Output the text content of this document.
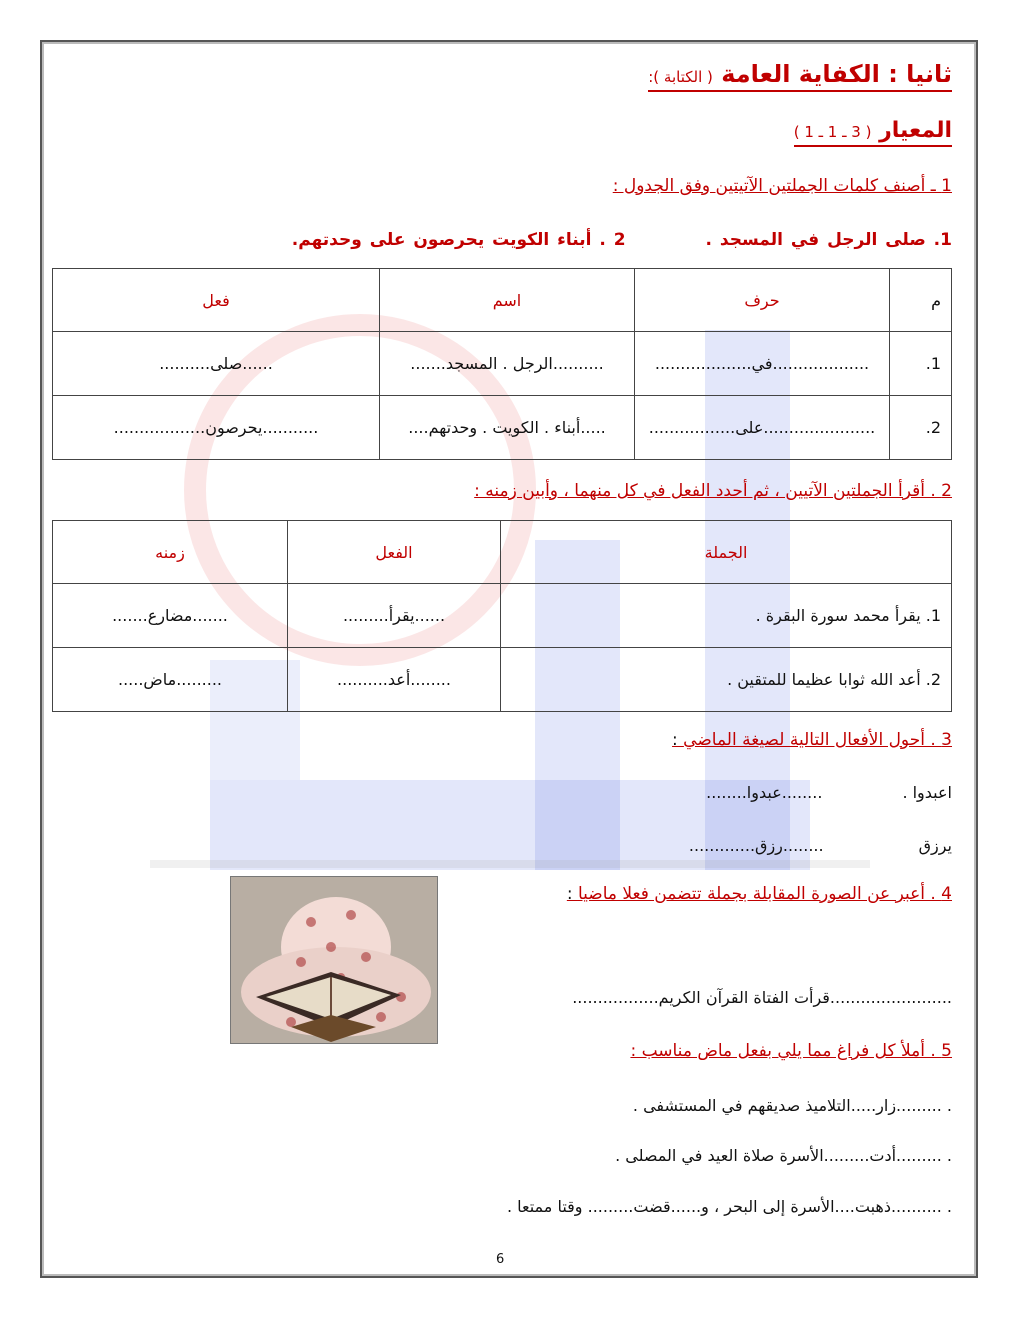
ثانيا : الكفاية العامة ( الكتابة ):
المعيار ( 3 ـ 1 ـ 1 )
1 ـ أصنف كلمات الجملتين الآتيتين وفق الجدول :
1. صلى الرجل في المسجد .2 . أبناء الكويت يحرصون على وحدتهم.
م	حرف	اسم	فعل
1.	...................في...................	..........الرجل . المسجد.......	......صلى..........
2.	......................على.................	.....أبناء . الكويت . وحدتهم....	...........يحرصون..................
2 . أقرأ الجملتين الآتيين ، ثم أحدد الفعل في كل منهما ، وأبين زمنه :
الجملة	الفعل	زمنه
1. يقرأ محمد سورة البقرة .	......يقرأ.........	.......مضارع.......
2. أعد الله ثوابا عظيما للمتقين .	........أعد..........	.........ماض.....
3 . أحول الأفعال التالية لصيغة الماضي :
اعبدوا .........عبدوا........
يرزق........رزق.............
4 . أعبر عن الصورة المقابلة بجملة تتضمن فعلا ماضيا :
........................قرأت الفتاة القرآن الكريم.................
5 . أملأ كل فراغ مما يلي بفعل ماض مناسب :
. .........زار.....التلاميذ صديقهم في المستشفى .
. .........أدت.........الأسرة صلاة العيد في المصلى .
. ..........ذهبت....الأسرة إلى البحر ، و......قضت......... وقتا ممتعا .
6
